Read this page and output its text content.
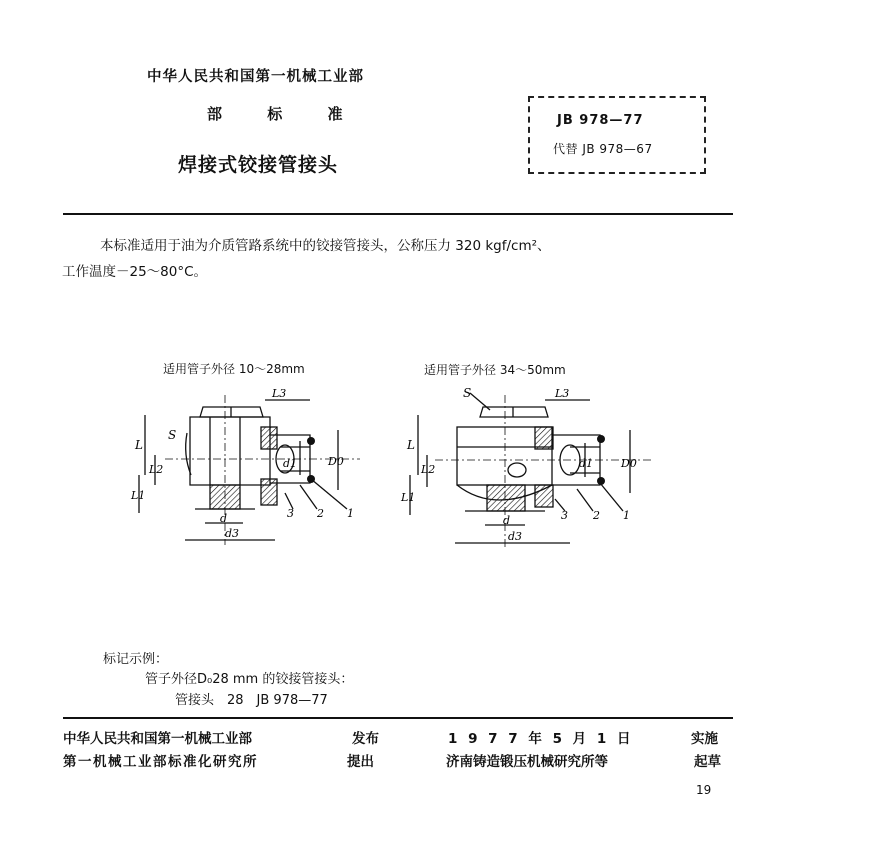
中华人民共和国第一机械工业部
部 标 准
焊接式铰接管接头
JB 978—77
代替 JB 978—67
本标准适用于油为介质管路系统中的铰接管接头，公称压力 320 kgf/cm²、
工作温度－25～80°C。
适用管子外径 10～28mm	适用管子外径 34～50mm
S
L
L2
L1
L3
d1	D0
d
d3
3 2 1
S
L
L2
L1
L3
d1	D0
d
d3
3 2 1
标记示例：
管子外径D₀28 mm 的铰接管接头：
管接头　28　JB 978—77
中华人民共和国第一机械工业部	发布	1 9 7 7 年 5 月 1 日	实施
第一机械工业部标准化研究所	提出	济南铸造锻压机械研究所等	起草
19
